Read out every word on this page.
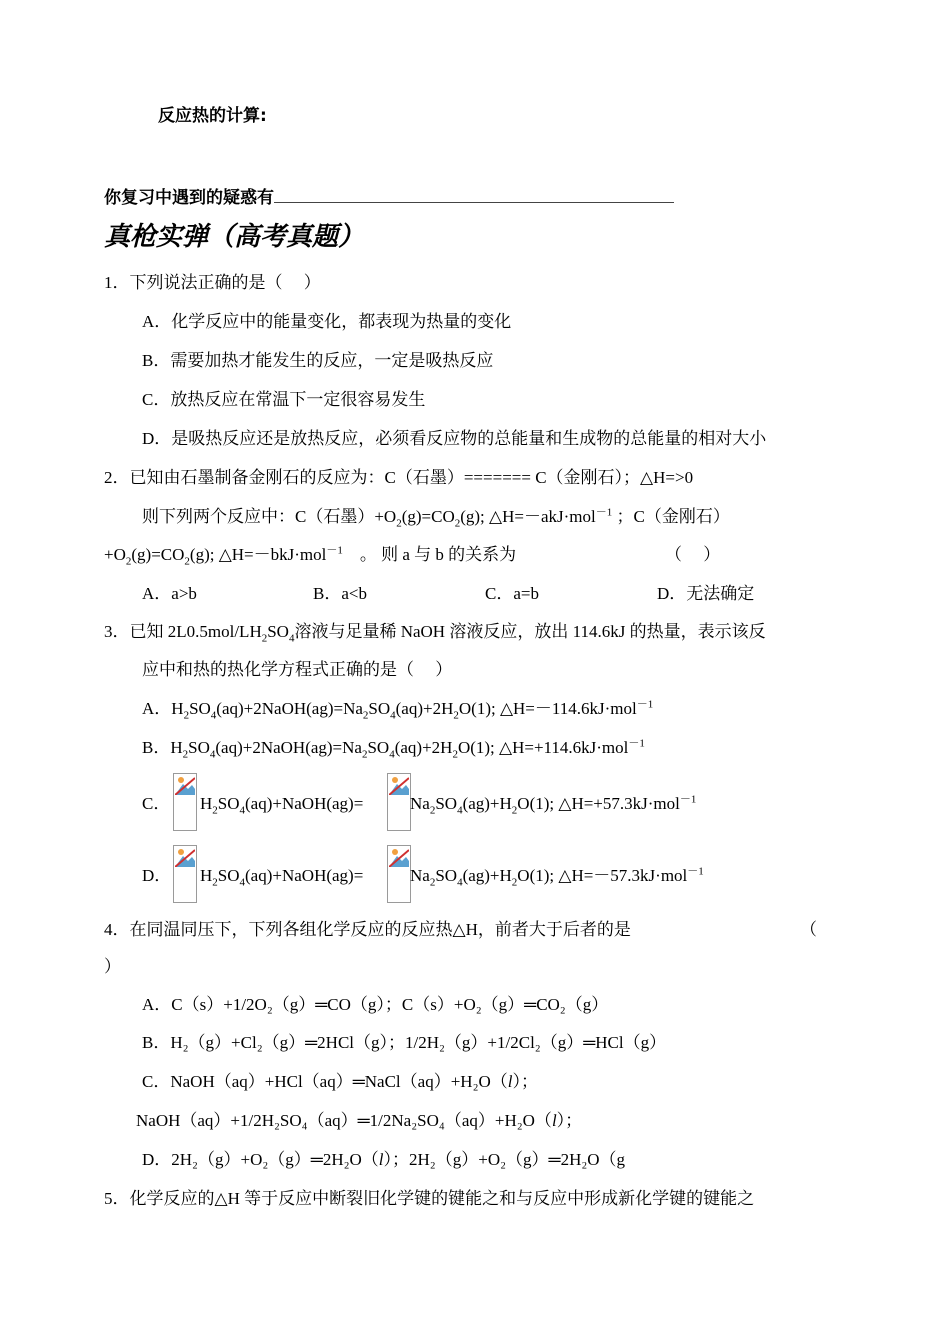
反应热的计算:
你复习中遇到的疑惑有
真枪实弹（高考真题）
1．下列说法正确的是（　 ）
A．化学反应中的能量变化，都表现为热量的变化
B．需要加热才能发生的反应，一定是吸热反应
C．放热反应在常温下一定很容易发生
D．是吸热反应还是放热反应，必须看反应物的总能量和生成物的总能量的相对大小
2．已知由石墨制备金刚石的反应为：C（石墨）======= C（金刚石）；△H=>0
则下列两个反应中：C（石墨）$+O_2(g)=CO_2(g)$; △H=－akJ·mol$^{-1}$ ；C（金刚石）
$+O_2(g)=CO_2(g)$; △H=－bkJ·mol$^{-1}$ 。 则 a 与 b 的关系为	（　 ）
A．a>b	B．a<b	C．a=b	D．无法确定
3．已知 $2L0.5mol/LH_2SO_4$溶液与足量稀 NaOH 溶液反应，放出 114.6kJ 的热量，表示该反
应中和热的热化学方程式正确的是（　 ）
A．$H_2SO_4(aq)+2NaOH(ag)=Na_2SO_4(aq)+2H_2O(1)$; △H=－114.6kJ·mol$^{-1}$
B．$H_2SO_4(aq)+2NaOH(ag)=Na_2SO_4(aq)+2H_2O(1)$; △H=+114.6kJ·mol$^{-1}$
C． $H_2SO_4(aq)+NaOH(ag)=$	$Na_2SO_4(ag)+H_2O(1)$; △H=+57.3kJ·mol$^{-1}$
D． $H_2SO_4(aq)+NaOH(ag)=$	$Na_2SO_4(ag)+H_2O(1)$; △H=－57.3kJ·mol$^{-1}$
4．在同温同压下，下列各组化学反应的反应热△H，前者大于后者的是	（
）
A．C（s）+1/2O₂（g）═CO（g）；C（s）+O₂（g）═CO₂（g）
B．H₂（g）+Cl₂（g）═2HCl（g）；1/2H₂（g）+1/2Cl₂（g）═HCl（g）
C．NaOH（aq）+HCl（aq）═NaCl（aq）+H₂O（l）；
NaOH（aq）+1/2H₂SO₄（aq）═1/2Na₂SO₄（aq）+H₂O（l）；
D．2H₂（g）+O₂（g）═2H₂O（l）；2H₂（g）+O₂（g）═2H₂O（g
5．化学反应的△H 等于反应中断裂旧化学键的键能之和与反应中形成新化学键的键能之
